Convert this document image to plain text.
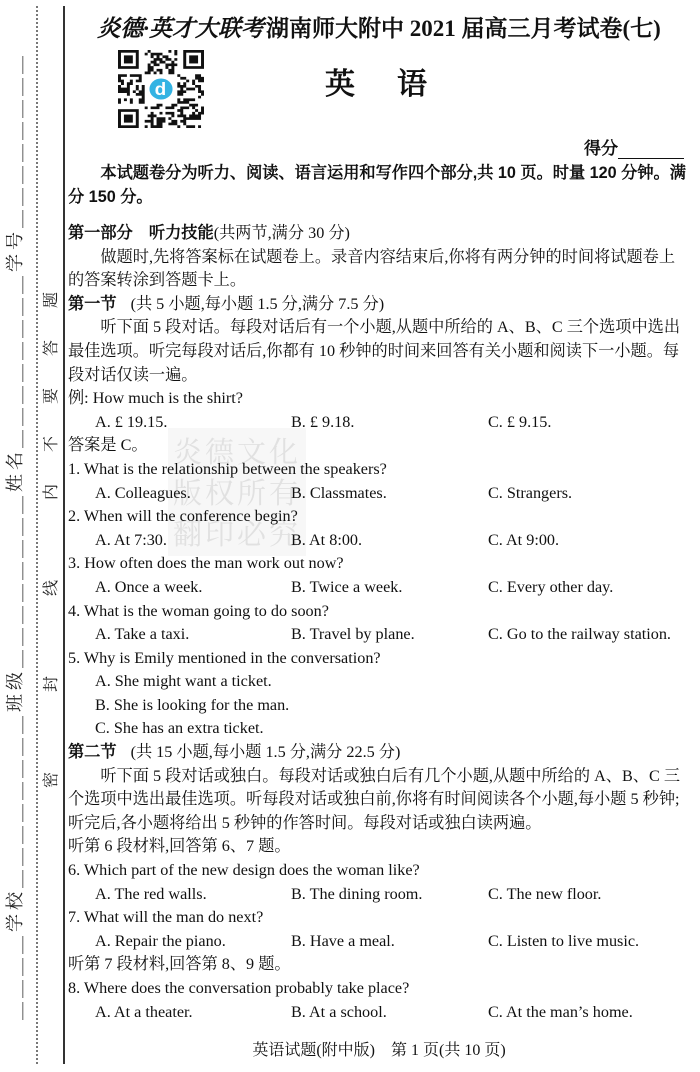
炎德文化
版权所有
翻印必究
＿＿＿＿学校＿＿＿＿＿＿＿＿班级＿＿＿＿＿＿＿＿姓名＿＿＿＿＿＿＿＿学号＿＿＿＿＿＿＿＿ 密　　　封　　　线　　　内　不　要　答　题
炎德·英才大联考湖南师大附中 2021 届高三月考试卷(七)
d	英　语
得分

本试题卷分为听力、阅读、语言运用和写作四个部分,共 10 页。时量 120 分钟。满分 150 分。

第一部分　听力技能(共两节,满分 30 分)

做题时,先将答案标在试题卷上。录音内容结束后,你将有两分钟的时间将试题卷上的答案转涂到答题卡上。

第一节 (共 5 小题,每小题 1.5 分,满分 7.5 分)

听下面 5 段对话。每段对话后有一个小题,从题中所给的 A、B、C 三个选项中选出最佳选项。听完每段对话后,你都有 10 秒钟的时间来回答有关小题和阅读下一小题。每段对话仅读一遍。

例: How much is the shirt?
A. £ 19.15.	B. £ 9.18.	C. £ 9.15.
答案是 C。
1. What is the relationship between the speakers?
A. Colleagues.	B. Classmates.	C. Strangers.
2. When will the conference begin?
A. At 7:30.	B. At 8:00.	C. At 9:00.
3. How often does the man work out now?
A. Once a week.	B. Twice a week.	C. Every other day.
4. What is the woman going to do soon?
A. Take a taxi.	B. Travel by plane.	C. Go to the railway station.
5. Why is Emily mentioned in the conversation?
A. She might want a ticket.
B. She is looking for the man.
C. She has an extra ticket.
第二节 (共 15 小题,每小题 1.5 分,满分 22.5 分)

听下面 5 段对话或独白。每段对话或独白后有几个小题,从题中所给的 A、B、C 三个选项中选出最佳选项。听每段对话或独白前,你将有时间阅读各个小题,每小题 5 秒钟;听完后,各小题将给出 5 秒钟的作答时间。每段对话或独白读两遍。

听第 6 段材料,回答第 6、7 题。
6. Which part of the new design does the woman like?
A. The red walls.	B. The dining room.	C. The new floor.
7. What will the man do next?
A. Repair the piano.	B. Have a meal.	C. Listen to live music.
听第 7 段材料,回答第 8、9 题。
8. Where does the conversation probably take place?
A. At a theater.	B. At a school.	C. At the man’s home.
英语试题(附中版)　第 1 页(共 10 页)
